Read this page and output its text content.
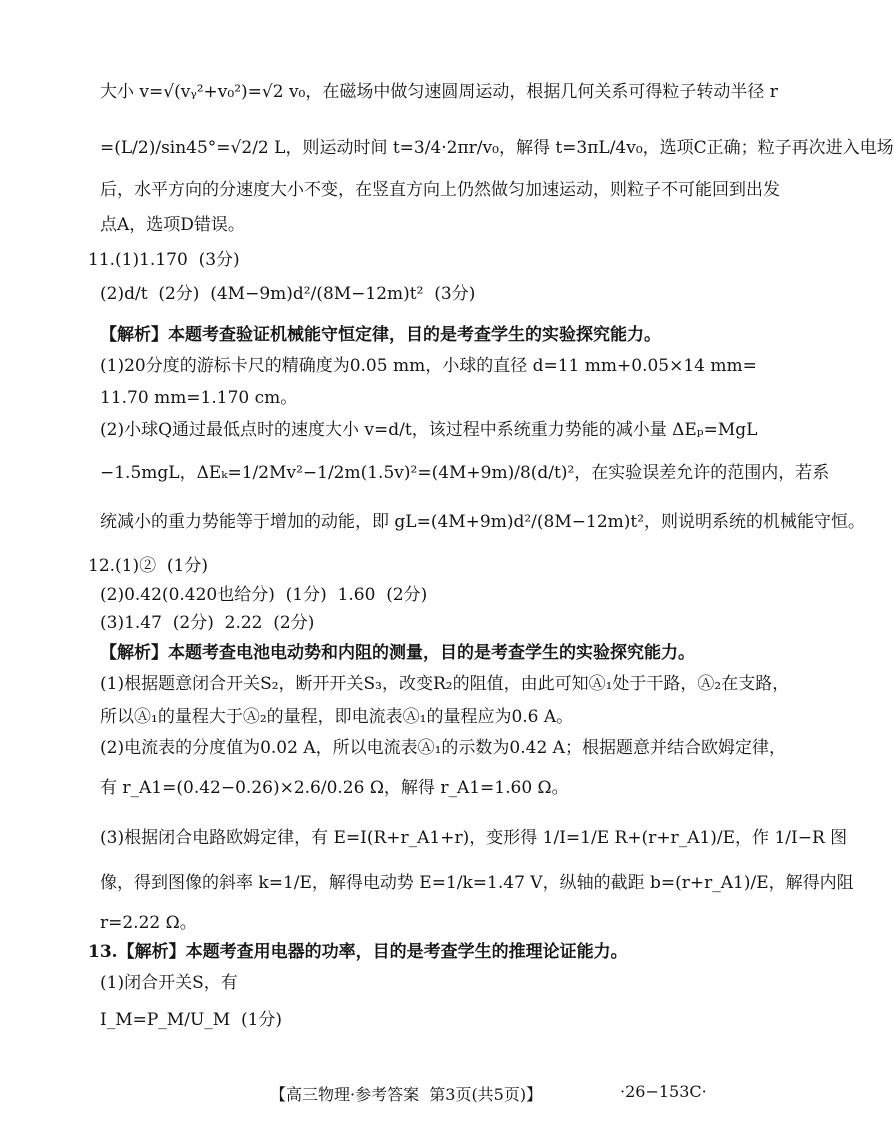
大小 v=√(vᵧ²+v₀²)=√2 v₀，在磁场中做匀速圆周运动，根据几何关系可得粒子转动半径 r
=(L/2)/sin45°=√2/2 L，则运动时间 t=3/4·2πr/v₀，解得 t=3πL/4v₀，选项C正确；粒子再次进入电场
后，水平方向的分速度大小不变，在竖直方向上仍然做匀加速运动，则粒子不可能回到出发
点A，选项D错误。
11.(1)1.170  (3分)
(2)d/t  (2分)  (4M−9m)d²/(8M−12m)t²  (3分)
【解析】本题考查验证机械能守恒定律，目的是考查学生的实验探究能力。
(1)20分度的游标卡尺的精确度为0.05 mm，小球的直径 d=11 mm+0.05×14 mm=
11.70 mm=1.170 cm。
(2)小球Q通过最低点时的速度大小 v=d/t，该过程中系统重力势能的减小量 ΔEₚ=MgL
−1.5mgL，ΔEₖ=1/2Mv²−1/2m(1.5v)²=(4M+9m)/8(d/t)²，在实验误差允许的范围内，若系
统减小的重力势能等于增加的动能，即 gL=(4M+9m)d²/(8M−12m)t²，则说明系统的机械能守恒。
12.(1)②  (1分)
(2)0.42(0.420也给分)  (1分)  1.60  (2分)
(3)1.47  (2分)  2.22  (2分)
【解析】本题考查电池电动势和内阻的测量，目的是考查学生的实验探究能力。
(1)根据题意闭合开关S₂，断开开关S₃，改变R₂的阻值，由此可知Ⓐ₁处于干路，Ⓐ₂在支路，
所以Ⓐ₁的量程大于Ⓐ₂的量程，即电流表Ⓐ₁的量程应为0.6 A。
(2)电流表的分度值为0.02 A，所以电流表Ⓐ₁的示数为0.42 A；根据题意并结合欧姆定律，
有 r_A1=(0.42−0.26)×2.6/0.26 Ω，解得 r_A1=1.60 Ω。
(3)根据闭合电路欧姆定律，有 E=I(R+r_A1+r)，变形得 1/I=1/E R+(r+r_A1)/E，作 1/I−R 图
像，得到图像的斜率 k=1/E，解得电动势 E=1/k=1.47 V，纵轴的截距 b=(r+r_A1)/E，解得内阻
r=2.22 Ω。
13.【解析】本题考查用电器的功率，目的是考查学生的推理论证能力。
(1)闭合开关S，有
I_M=P_M/U_M  (1分)
【高三物理·参考答案  第3页(共5页)】	·26−153C·
